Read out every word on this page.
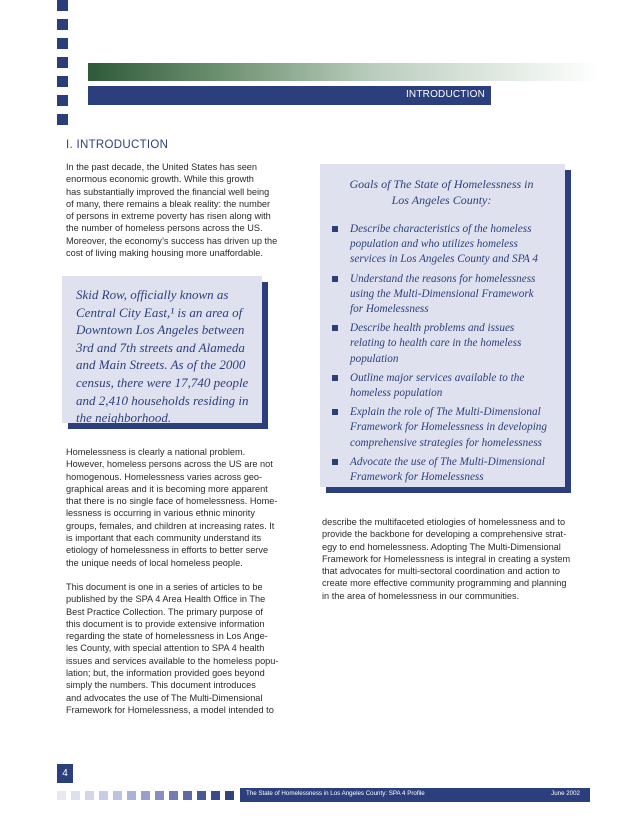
INTRODUCTION
I. INTRODUCTION

In the past decade, the United States has seen
enormous economic growth. While this growth
has substantially improved the financial well being
of many, there remains a bleak reality: the number
of persons in extreme poverty has risen along with
the number of homeless persons across the US.
Moreover, the economy’s success has driven up the
cost of living making housing more unaffordable.

Skid Row, officially known as
Central City East,¹ is an area of
Downtown Los Angeles between
3rd and 7th streets and Alameda
and Main Streets. As of the 2000
census, there were 17,740 people
and 2,410 households residing in
the neighborhood.

Homelessness is clearly a national problem.
However, homeless persons across the US are not
homogenous. Homelessness varies across geo-
graphical areas and it is becoming more apparent
that there is no single face of homelessness. Home-
lessness is occurring in various ethnic minority
groups, females, and children at increasing rates. It
is important that each community understand its
etiology of homelessness in efforts to better serve
the unique needs of local homeless people.

This document is one in a series of articles to be
published by the SPA 4 Area Health Office in The
Best Practice Collection. The primary purpose of
this document is to provide extensive information
regarding the state of homelessness in Los Ange-
les County, with special attention to SPA 4 health
issues and services available to the homeless popu-
lation; but, the information provided goes beyond
simply the numbers. This document introduces
and advocates the use of The Multi-Dimensional
Framework for Homelessness, a model intended to

Goals of The State of Homelessness in
Los Angeles County:

Describe characteristics of the homeless
population and who utilizes homeless
services in Los Angeles County and SPA 4
Understand the reasons for homelessness
using the Multi-Dimensional Framework
for Homelessness
Describe health problems and issues
relating to health care in the homeless
population
Outline major services available to the
homeless population
Explain the role of The Multi-Dimensional
Framework for Homelessness in developing
comprehensive strategies for homelessness
Advocate the use of The Multi-Dimensional
Framework for Homelessness

describe the multifaceted etiologies of homelessness and to
provide the backbone for developing a comprehensive strat-
egy to end homelessness. Adopting The Multi-Dimensional
Framework for Homelessness is integral in creating a system
that advocates for multi-sectoral coordination and action to
create more effective community programming and planning
in the area of homelessness in our communities.

4
The State of Homelessness in Los Angeles County: SPA 4 Profile	June 2002
